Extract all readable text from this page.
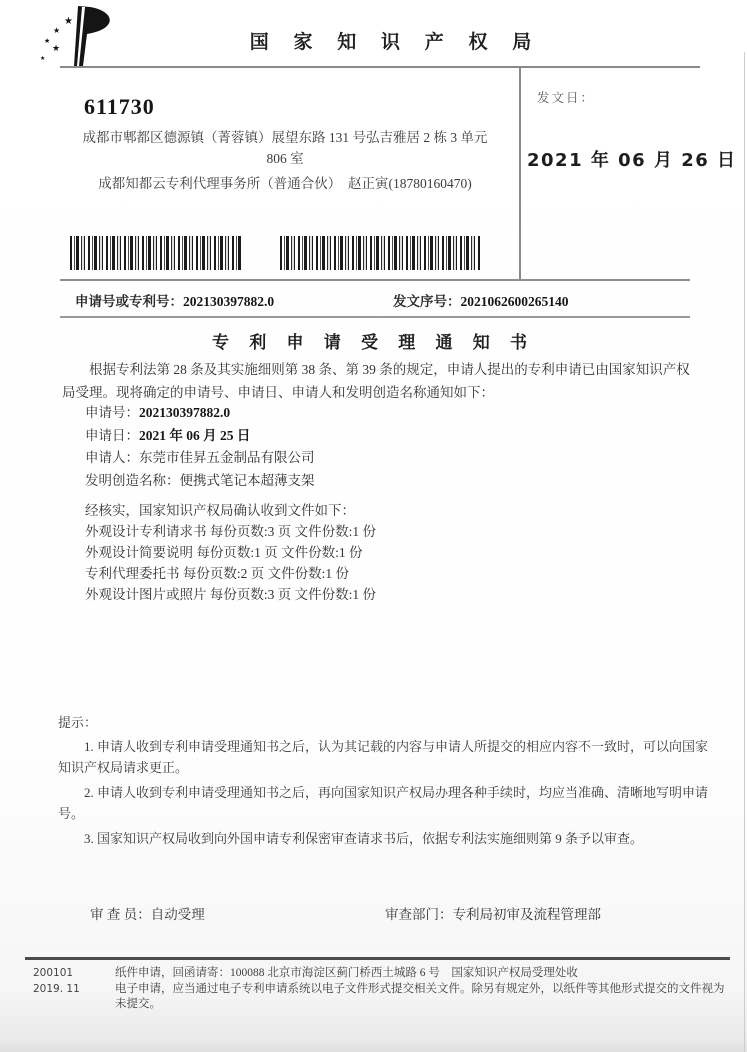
★
★
★
★
★
国 家 知 识 产 权 局
发文日：
2021 年 06 月 26 日
611730
成都市郫都区德源镇（菁蓉镇）展望东路 131 号弘吉雅居 2 栋 3 单元
806 室
成都知都云专利代理事务所（普通合伙）　赵正寅(18780160470)
申请号或专利号：202130397882.0	发文序号：2021062600265140
专 利 申 请 受 理 通 知 书
根据专利法第 28 条及其实施细则第 38 条、第 39 条的规定，申请人提出的专利申请已由国家知识产权局受理。现将确定的申请号、申请日、申请人和发明创造名称通知如下：
申请号：202130397882.0
申请日：2021 年 06 月 25 日
申请人：东莞市佳昇五金制品有限公司
发明创造名称：便携式笔记本超薄支架
经核实，国家知识产权局确认收到文件如下：
外观设计专利请求书 每份页数:3 页 文件份数:1 份
外观设计简要说明 每份页数:1 页 文件份数:1 份
专利代理委托书 每份页数:2 页 文件份数:1 份
外观设计图片或照片 每份页数:3 页 文件份数:1 份
提示：

1. 申请人收到专利申请受理通知书之后，认为其记载的内容与申请人所提交的相应内容不一致时，可以向国家知识产权局请求更正。

2. 申请人收到专利申请受理通知书之后，再向国家知识产权局办理各种手续时，均应当准确、清晰地写明申请号。

3. 国家知识产权局收到向外国申请专利保密审查请求书后，依据专利法实施细则第 9 条予以审查。

审 查 员：自动受理	审查部门：专利局初审及流程管理部
200101
2019. 11

纸件申请，回函请寄：100088 北京市海淀区蓟门桥西土城路 6 号　国家知识产权局受理处收

电子申请，应当通过电子专利申请系统以电子文件形式提交相关文件。除另有规定外，以纸件等其他形式提交的文件视为未提交。
